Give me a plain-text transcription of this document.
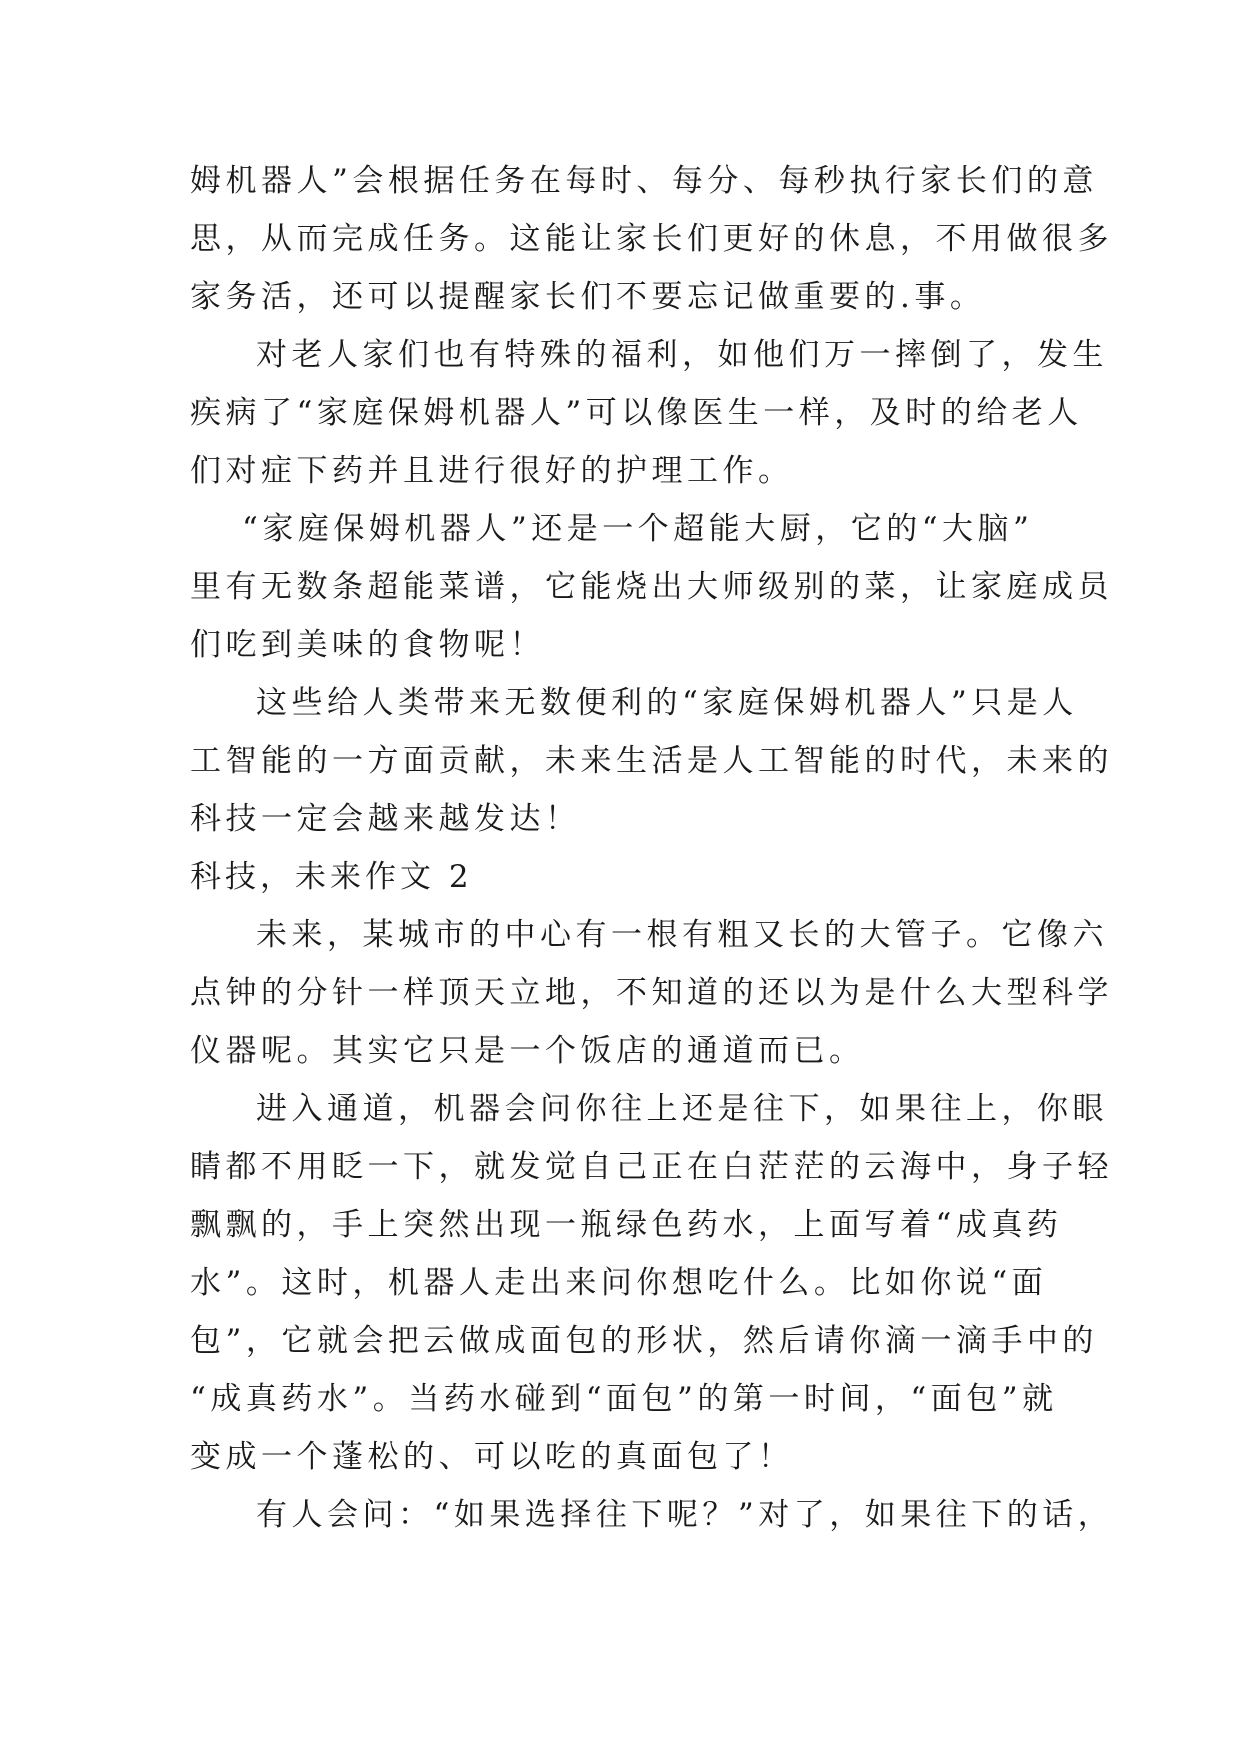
姆机器人”会根据任务在每时、每分、每秒执行家长们的意
思，从而完成任务。这能让家长们更好的休息，不用做很多
家务活，还可以提醒家长们不要忘记做重要的.事。
对老人家们也有特殊的福利，如他们万一摔倒了，发生
疾病了“家庭保姆机器人”可以像医生一样，及时的给老人
们对症下药并且进行很好的护理工作。
“家庭保姆机器人”还是一个超能大厨，它的“大脑”
里有无数条超能菜谱，它能烧出大师级别的菜，让家庭成员
们吃到美味的食物呢！
这些给人类带来无数便利的“家庭保姆机器人”只是人
工智能的一方面贡献，未来生活是人工智能的时代，未来的
科技一定会越来越发达！
科技，未来作文 2
未来，某城市的中心有一根有粗又长的大管子。它像六
点钟的分针一样顶天立地，不知道的还以为是什么大型科学
仪器呢。其实它只是一个饭店的通道而已。
进入通道，机器会问你往上还是往下，如果往上，你眼
睛都不用眨一下，就发觉自己正在白茫茫的云海中，身子轻
飘飘的，手上突然出现一瓶绿色药水，上面写着“成真药
水”。这时，机器人走出来问你想吃什么。比如你说“面
包”，它就会把云做成面包的形状，然后请你滴一滴手中的
“成真药水”。当药水碰到“面包”的第一时间，“面包”就
变成一个蓬松的、可以吃的真面包了！
有人会问：“如果选择往下呢？”对了，如果往下的话，
